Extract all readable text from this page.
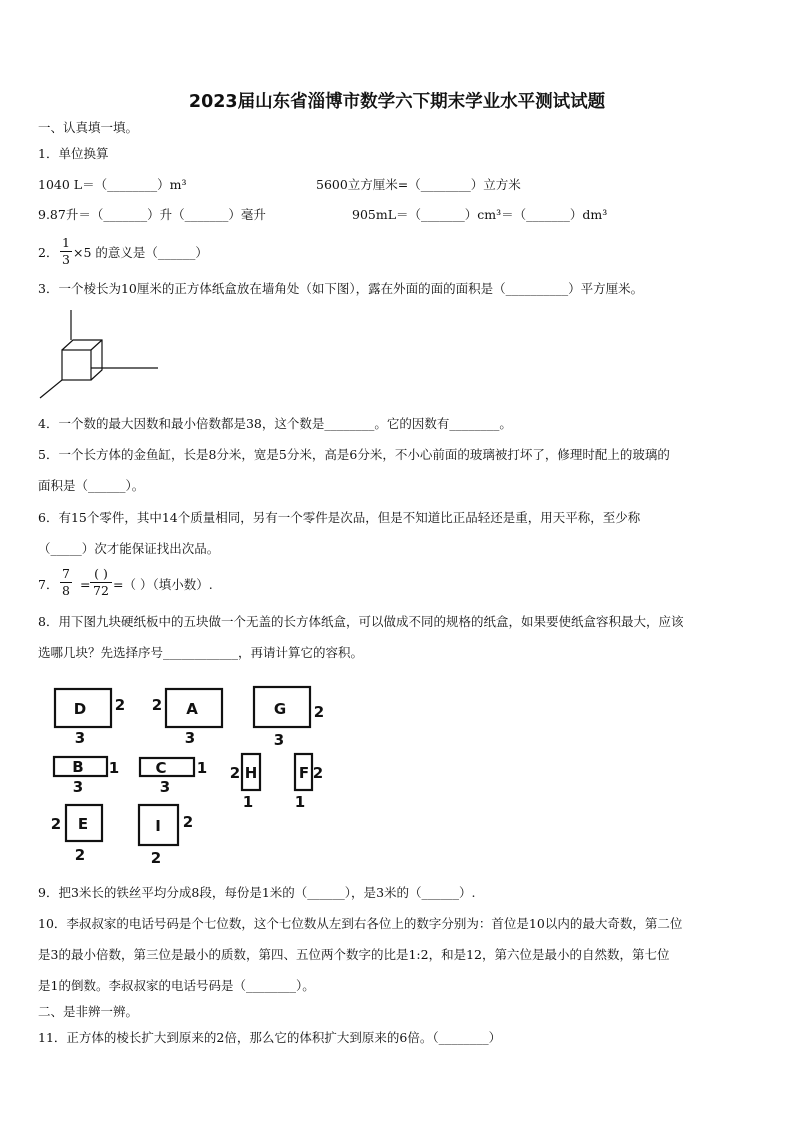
2023届山东省淄博市数学六下期末学业水平测试试题
一、认真填一填。
1．单位换算
1040 L＝（________）m³	5600立方厘米=（________）立方米
9.87升＝（_______）升（_______）毫升	905mL＝（_______）cm³＝（_______）dm³
2．
1
3 ×5 的意义是（______）
3．一个棱长为10厘米的正方体纸盒放在墙角处（如下图），露在外面的面的面积是（__________）平方厘米。
4．一个数的最大因数和最小倍数都是38，这个数是________。它的因数有________。
5．一个长方体的金鱼缸，长是8分米，宽是5分米，高是6分米，不小心前面的玻璃被打坏了，修理时配上的玻璃的
面积是（______）。
6．有15个零件，其中14个质量相同，另有一个零件是次品，但是不知道比正品轻还是重，用天平称，至少称
（_____）次才能保证找出次品。
7．
7
8 =
( )
72 =（ ）（填小数）.
8．用下图九块硬纸板中的五块做一个无盖的长方体纸盒，可以做成不同的规格的纸盒，如果要使纸盒容积最大，应该
选哪几块？先选择序号____________，再请计算它的容积。
D 2
3
A
2
3
G 2
3
B 1
3
C 1
3
H
2
1
F 2
1
E
2
2
I 2
2
9．把3米长的铁丝平均分成8段，每份是1米的（______），是3米的（______）.
10．李叔叔家的电话号码是个七位数，这个七位数从左到右各位上的数字分别为：首位是10以内的最大奇数，第二位
是3的最小倍数，第三位是最小的质数，第四、五位两个数字的比是1:2，和是12，第六位是最小的自然数，第七位
是1的倒数。李叔叔家的电话号码是（________）。
二、是非辨一辨。
11．正方体的棱长扩大到原来的2倍，那么它的体积扩大到原来的6倍。（________）
